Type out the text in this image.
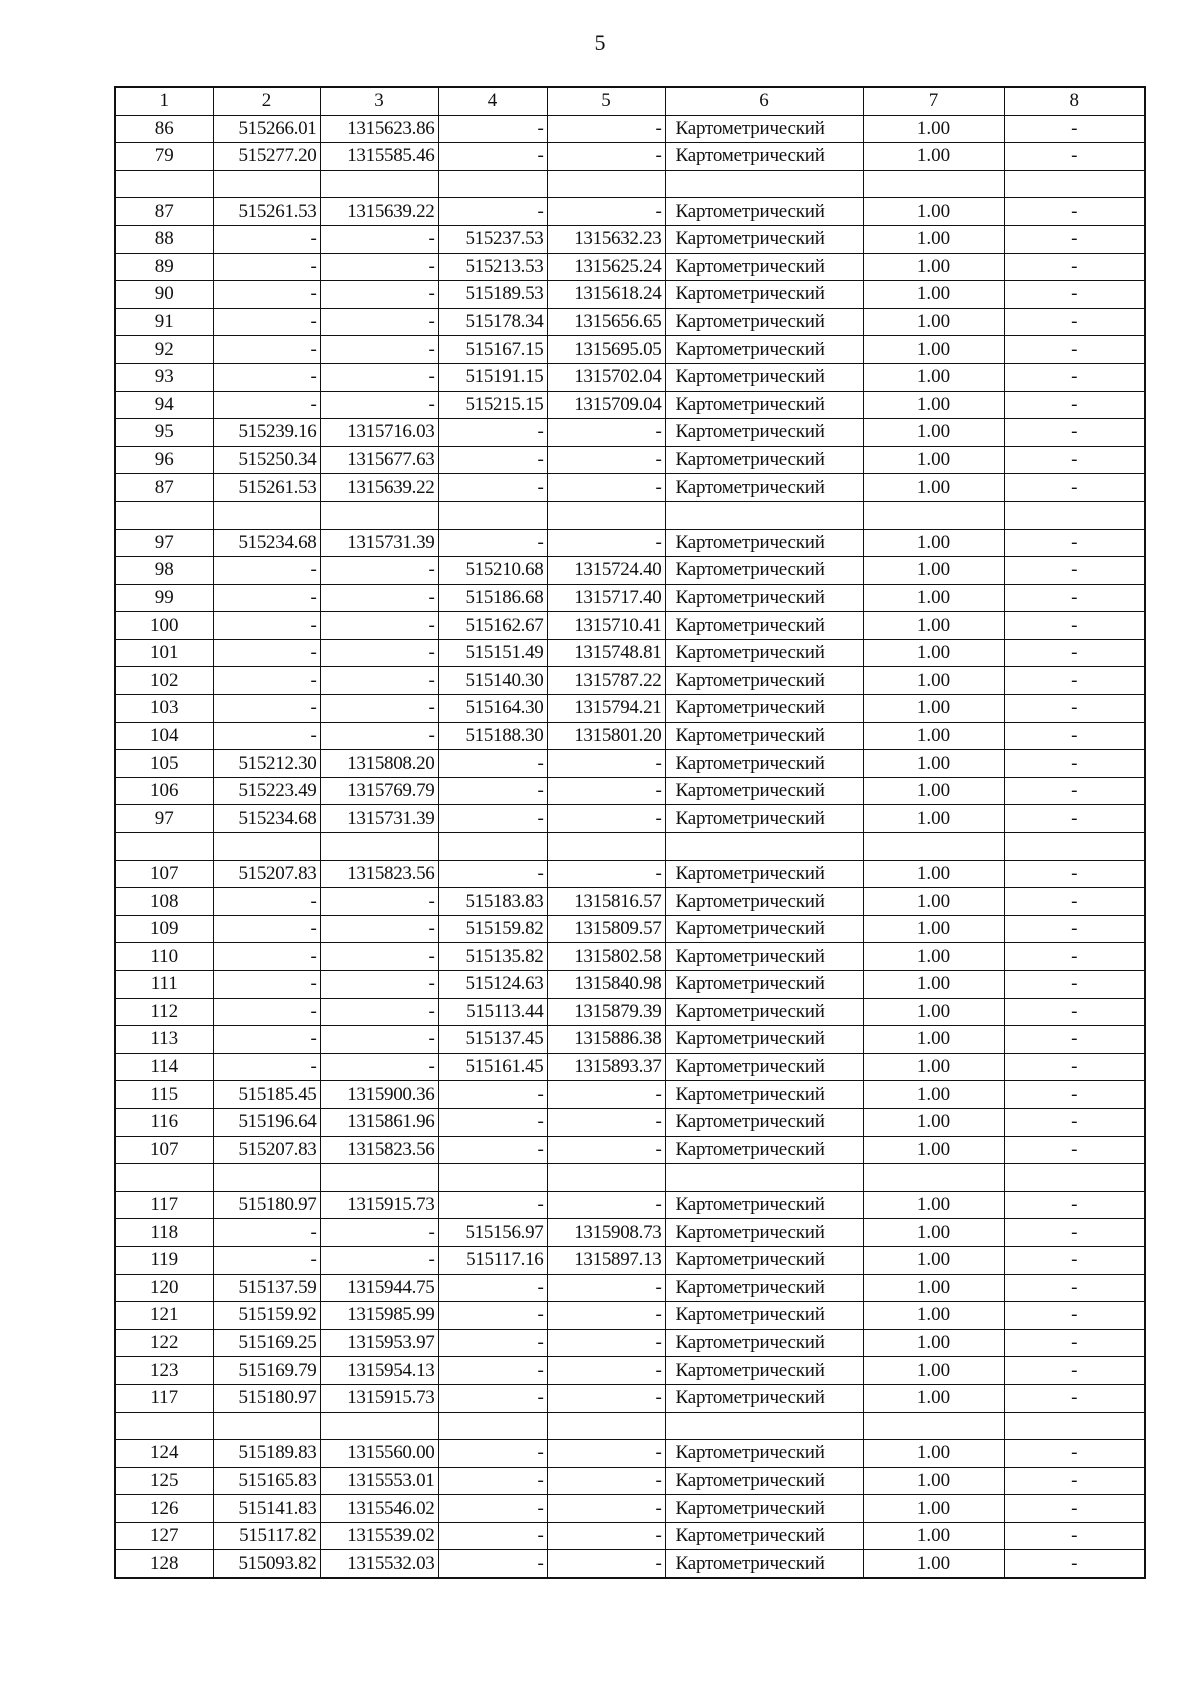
5
1	2	3	4	5	6	7	8
86	515266.01	1315623.86	-	-	Картометрический	1.00	-
79	515277.20	1315585.46	-	-	Картометрический	1.00	-

87	515261.53	1315639.22	-	-	Картометрический	1.00	-
88	-	-	515237.53	1315632.23	Картометрический	1.00	-
89	-	-	515213.53	1315625.24	Картометрический	1.00	-
90	-	-	515189.53	1315618.24	Картометрический	1.00	-
91	-	-	515178.34	1315656.65	Картометрический	1.00	-
92	-	-	515167.15	1315695.05	Картометрический	1.00	-
93	-	-	515191.15	1315702.04	Картометрический	1.00	-
94	-	-	515215.15	1315709.04	Картометрический	1.00	-
95	515239.16	1315716.03	-	-	Картометрический	1.00	-
96	515250.34	1315677.63	-	-	Картометрический	1.00	-
87	515261.53	1315639.22	-	-	Картометрический	1.00	-

97	515234.68	1315731.39	-	-	Картометрический	1.00	-
98	-	-	515210.68	1315724.40	Картометрический	1.00	-
99	-	-	515186.68	1315717.40	Картометрический	1.00	-
100	-	-	515162.67	1315710.41	Картометрический	1.00	-
101	-	-	515151.49	1315748.81	Картометрический	1.00	-
102	-	-	515140.30	1315787.22	Картометрический	1.00	-
103	-	-	515164.30	1315794.21	Картометрический	1.00	-
104	-	-	515188.30	1315801.20	Картометрический	1.00	-
105	515212.30	1315808.20	-	-	Картометрический	1.00	-
106	515223.49	1315769.79	-	-	Картометрический	1.00	-
97	515234.68	1315731.39	-	-	Картометрический	1.00	-

107	515207.83	1315823.56	-	-	Картометрический	1.00	-
108	-	-	515183.83	1315816.57	Картометрический	1.00	-
109	-	-	515159.82	1315809.57	Картометрический	1.00	-
110	-	-	515135.82	1315802.58	Картометрический	1.00	-
111	-	-	515124.63	1315840.98	Картометрический	1.00	-
112	-	-	515113.44	1315879.39	Картометрический	1.00	-
113	-	-	515137.45	1315886.38	Картометрический	1.00	-
114	-	-	515161.45	1315893.37	Картометрический	1.00	-
115	515185.45	1315900.36	-	-	Картометрический	1.00	-
116	515196.64	1315861.96	-	-	Картометрический	1.00	-
107	515207.83	1315823.56	-	-	Картометрический	1.00	-

117	515180.97	1315915.73	-	-	Картометрический	1.00	-
118	-	-	515156.97	1315908.73	Картометрический	1.00	-
119	-	-	515117.16	1315897.13	Картометрический	1.00	-
120	515137.59	1315944.75	-	-	Картометрический	1.00	-
121	515159.92	1315985.99	-	-	Картометрический	1.00	-
122	515169.25	1315953.97	-	-	Картометрический	1.00	-
123	515169.79	1315954.13	-	-	Картометрический	1.00	-
117	515180.97	1315915.73	-	-	Картометрический	1.00	-

124	515189.83	1315560.00	-	-	Картометрический	1.00	-
125	515165.83	1315553.01	-	-	Картометрический	1.00	-
126	515141.83	1315546.02	-	-	Картометрический	1.00	-
127	515117.82	1315539.02	-	-	Картометрический	1.00	-
128	515093.82	1315532.03	-	-	Картометрический	1.00	-
